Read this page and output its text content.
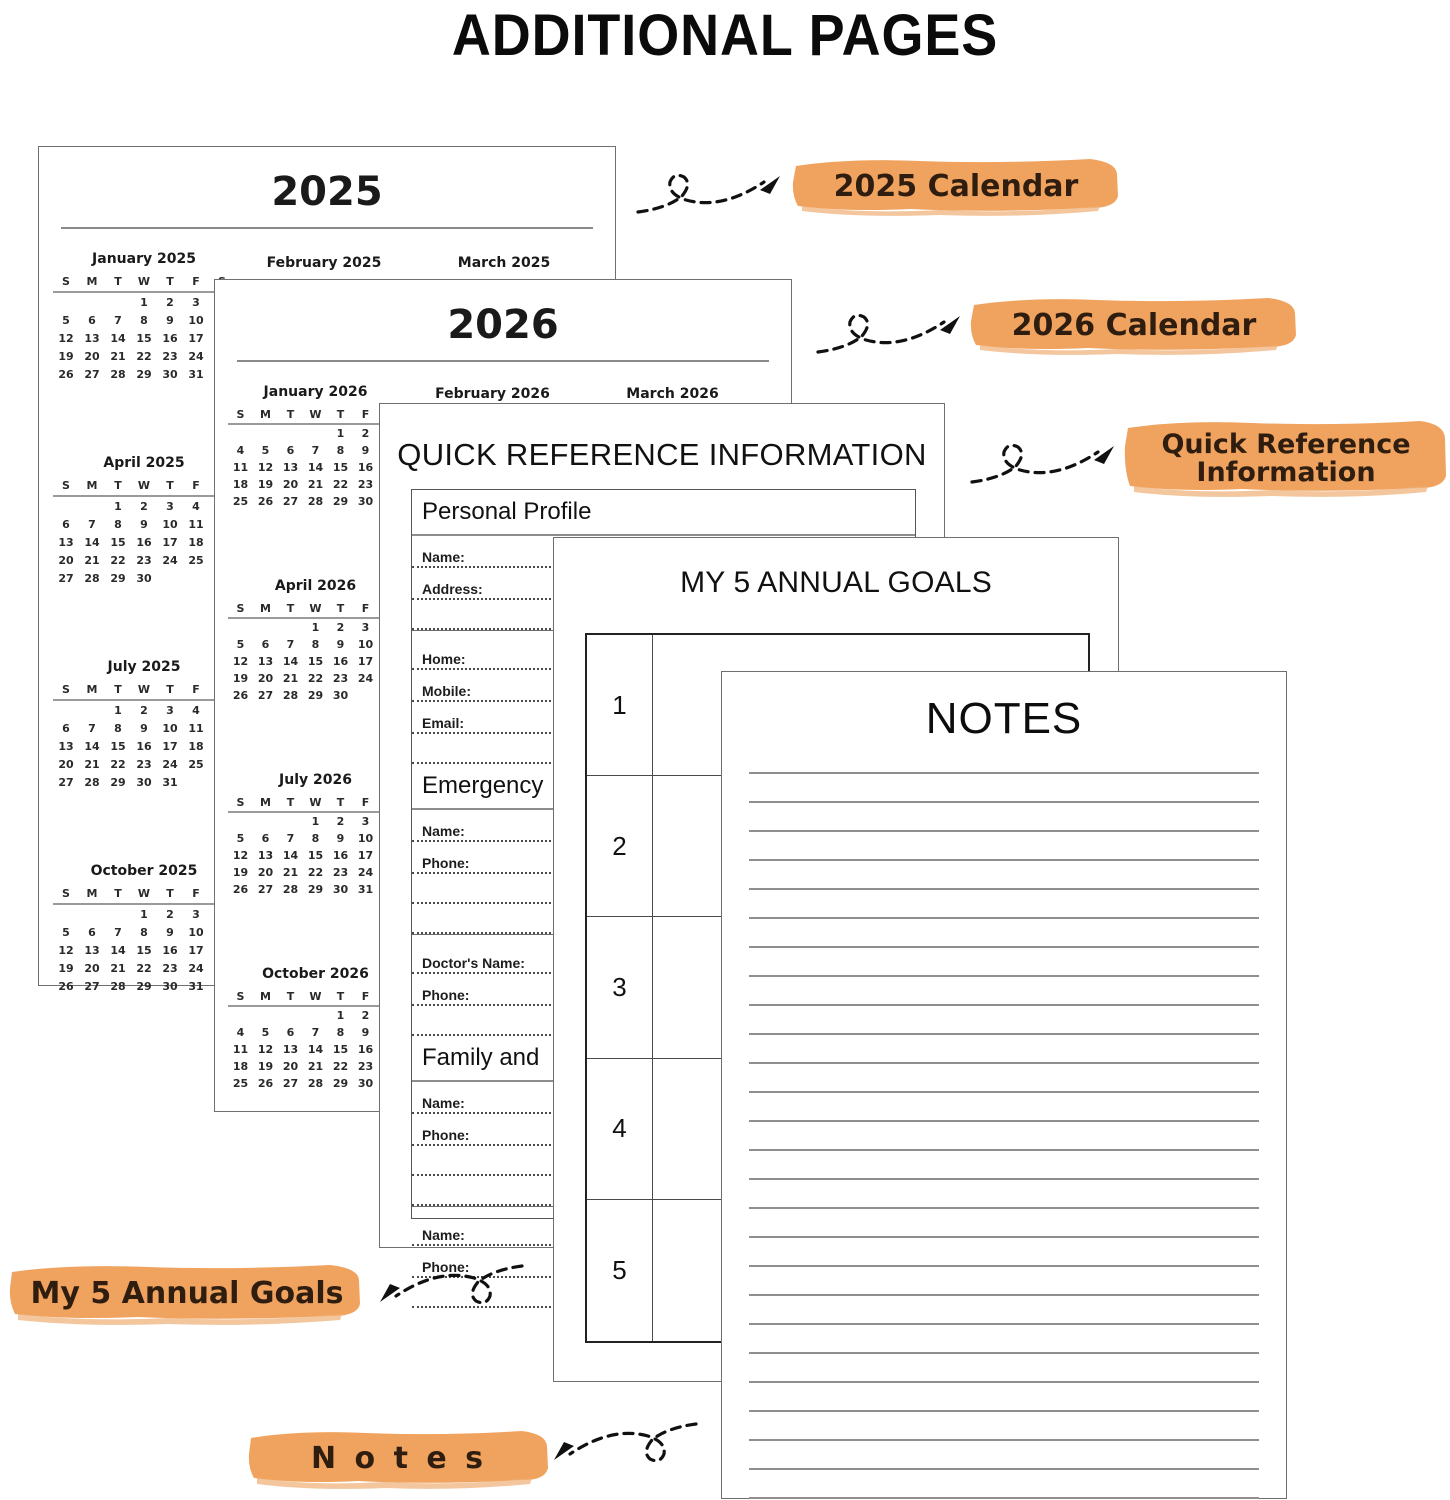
ADDITIONAL PAGES
2025
January 2025
S	M	T	W	T	F	
			1	2	3	
5	6	7	8	9	10	
12	13	14	15	16	17	
19	20	21	22	23	24	
26	27	28	29	30	31	
April 2025
S	M	T	W	T	F	
		1	2	3	4	
6	7	8	9	10	11	
13	14	15	16	17	18	
20	21	22	23	24	25	
27	28	29	30			
July 2025
S	M	T	W	T	F	
		1	2	3	4	
6	7	8	9	10	11	
13	14	15	16	17	18	
20	21	22	23	24	25	
27	28	29	30	31		
October 2025
S	M	T	W	T	F	
			1	2	3	
5	6	7	8	9	10	
12	13	14	15	16	17	
19	20	21	22	23	24	
26	27	28	29	30	31	
February 2025	March 2025
2026
January 2026
S	M	T	W	T	F	
				1	2	
4	5	6	7	8	9	
11	12	13	14	15	16	
18	19	20	21	22	23	
25	26	27	28	29	30	
April 2026
S	M	T	W	T	F	
			1	2	3	
5	6	7	8	9	10	
12	13	14	15	16	17	
19	20	21	22	23	24	
26	27	28	29	30		
July 2026
S	M	T	W	T	F	
			1	2	3	
5	6	7	8	9	10	
12	13	14	15	16	17	
19	20	21	22	23	24	
26	27	28	29	30	31	
October 2026
S	M	T	W	T	F	
				1	2	
4	5	6	7	8	9	
11	12	13	14	15	16	
18	19	20	21	22	23	
25	26	27	28	29	30	
February 2026	March 2026
QUICK REFERENCE INFORMATION
Personal Profile
Name:
Address:
Home:
Mobile:
Email:
Emergency
Name:
Phone:
Doctor's Name:
Phone:
Family and
Name:
Phone:
Name:
Phone:
MY 5 ANNUAL GOALS
1
2
3
4
5
NOTES
2025 Calendar
2026 Calendar
Quick Reference
Information
My 5 Annual Goals
N o t e s
